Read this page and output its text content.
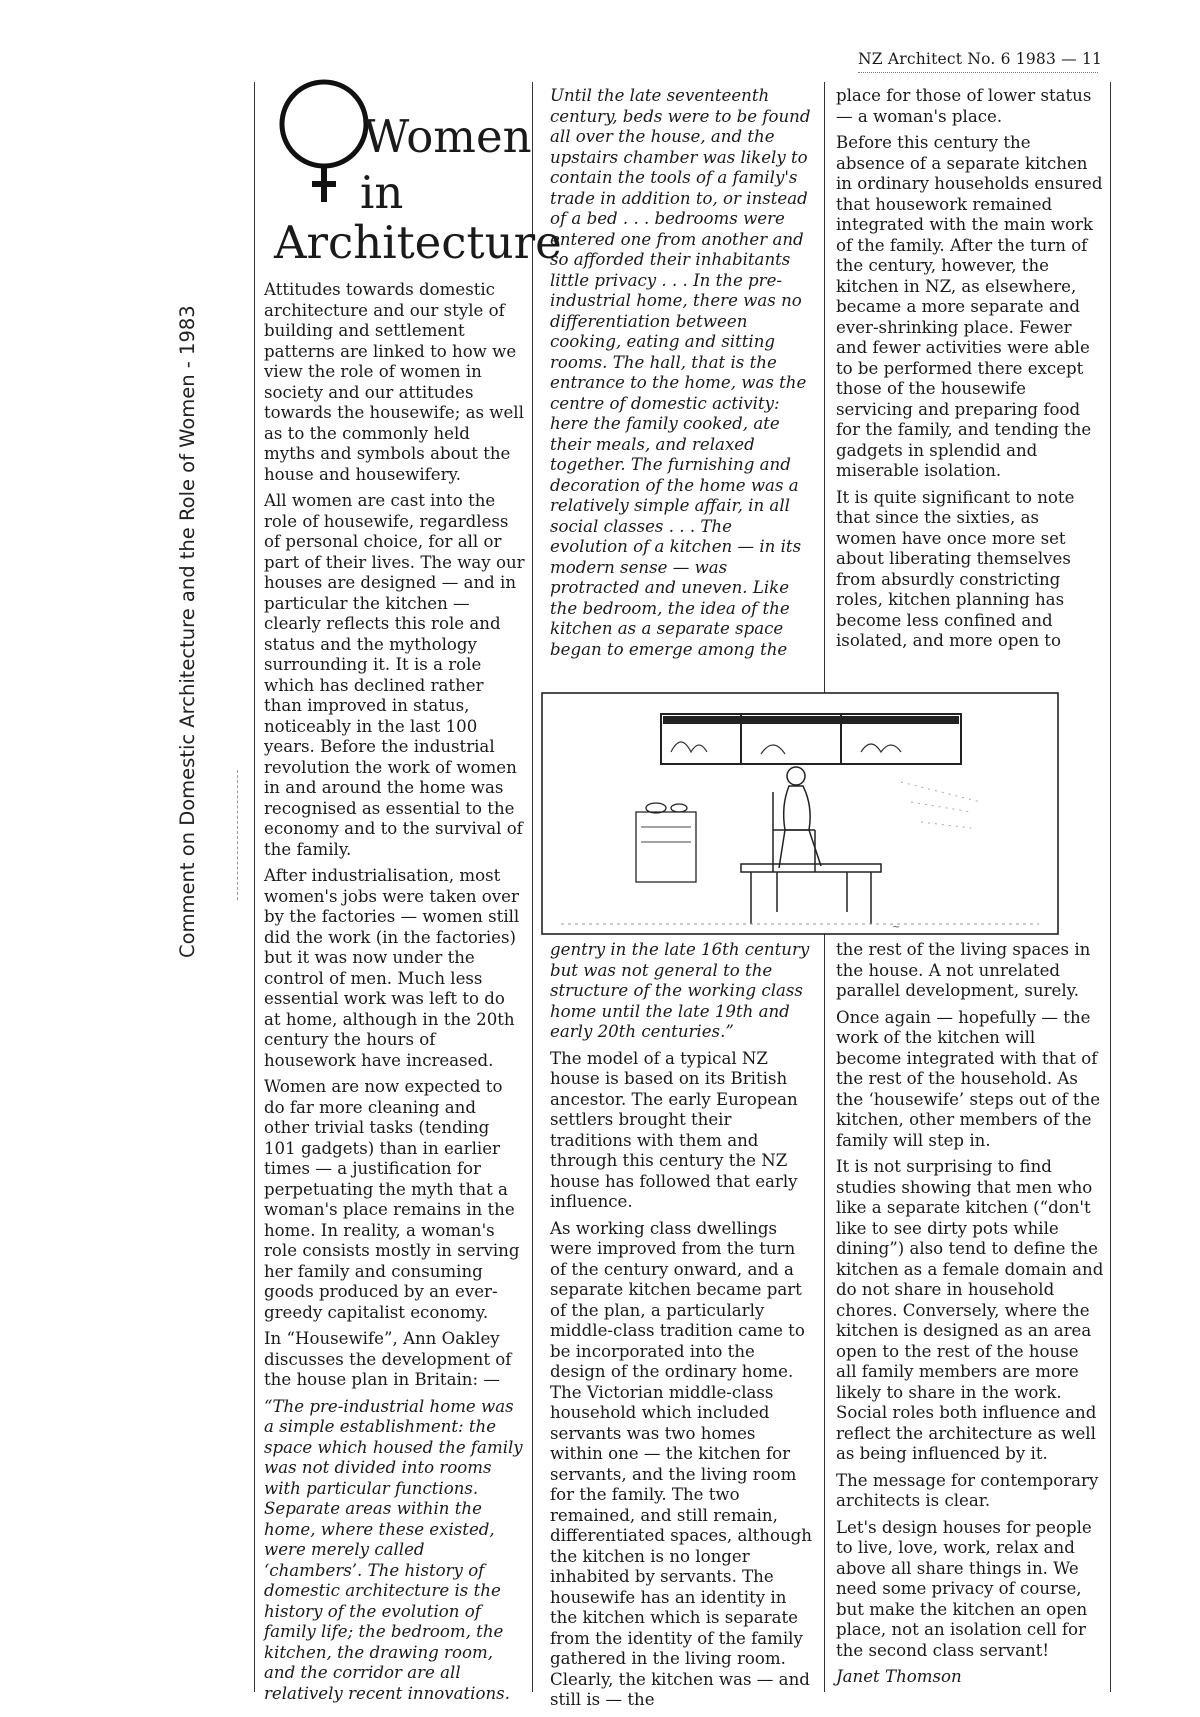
NZ Architect No. 6 1983 — 11
Comment on Domestic Architecture and the Role of Women - 1983
Women
in
Architecture

Attitudes towards domestic architecture and our style of building and settlement patterns are linked to how we view the role of women in society and our attitudes towards the housewife; as well as to the commonly held myths and symbols about the house and housewifery.

All women are cast into the role of housewife, regardless of personal choice, for all or part of their lives. The way our houses are designed — and in particular the kitchen — clearly reflects this role and status and the mythology surrounding it. It is a role which has declined rather than improved in status, noticeably in the last 100 years. Before the industrial revolution the work of women in and around the home was recognised as essential to the economy and to the survival of the family.

After industrialisation, most women's jobs were taken over by the factories — women still did the work (in the factories) but it was now under the control of men. Much less essential work was left to do at home, although in the 20th century the hours of housework have increased.

Women are now expected to do far more cleaning and other trivial tasks (tending 101 gadgets) than in earlier times — a justification for perpetuating the myth that a woman's place remains in the home. In reality, a woman's role consists mostly in serving her family and consuming goods produced by an ever-greedy capitalist economy.

In “Housewife”, Ann Oakley discusses the development of the house plan in Britain: —

“The pre-industrial home was a simple establishment: the space which housed the family was not divided into rooms with particular functions. Separate areas within the home, where these existed, were merely called ‘chambers’. The history of domestic architecture is the history of the evolution of family life; the bedroom, the kitchen, the drawing room, and the corridor are all relatively recent innovations.

Until the late seventeenth century, beds were to be found all over the house, and the upstairs chamber was likely to contain the tools of a family's trade in addition to, or instead of a bed . . . bedrooms were entered one from another and so afforded their inhabitants little privacy . . . In the pre-industrial home, there was no differentiation between cooking, eating and sitting rooms. The hall, that is the entrance to the home, was the centre of domestic activity: here the family cooked, ate their meals, and relaxed together. The furnishing and decoration of the home was a relatively simple affair, in all social classes . . . The evolution of a kitchen — in its modern sense — was protracted and uneven. Like the bedroom, the idea of the kitchen as a separate space began to emerge among the

place for those of lower status — a woman's place.

Before this century the absence of a separate kitchen in ordinary households ensured that housework remained integrated with the main work of the family. After the turn of the century, however, the kitchen in NZ, as elsewhere, became a more separate and ever-shrinking place. Fewer and fewer activities were able to be performed there except those of the housewife servicing and preparing food for the family, and tending the gadgets in splendid and miserable isolation.

It is quite significant to note that since the sixties, as women have once more set about liberating themselves from absurdly constricting roles, kitchen planning has become less confined and isolated, and more open to

~

gentry in the late 16th century but was not general to the structure of the working class home until the late 19th and early 20th centuries.”

The model of a typical NZ house is based on its British ancestor. The early European settlers brought their traditions with them and through this century the NZ house has followed that early influence.

As working class dwellings were improved from the turn of the century onward, and a separate kitchen became part of the plan, a particularly middle-class tradition came to be incorporated into the design of the ordinary home. The Victorian middle-class household which included servants was two homes within one — the kitchen for servants, and the living room for the family. The two remained, and still remain, differentiated spaces, although the kitchen is no longer inhabited by servants. The housewife has an identity in the kitchen which is separate from the identity of the family gathered in the living room. Clearly, the kitchen was — and still is — the

the rest of the living spaces in the house. A not unrelated parallel development, surely.

Once again — hopefully — the work of the kitchen will become integrated with that of the rest of the household. As the ‘housewife’ steps out of the kitchen, other members of the family will step in.

It is not surprising to find studies showing that men who like a separate kitchen (“don't like to see dirty pots while dining”) also tend to define the kitchen as a female domain and do not share in household chores. Conversely, where the kitchen is designed as an area open to the rest of the house all family members are more likely to share in the work. Social roles both influence and reflect the architecture as well as being influenced by it.

The message for contemporary architects is clear.

Let's design houses for people to live, love, work, relax and above all share things in. We need some privacy of course, but make the kitchen an open place, not an isolation cell for the second class servant!

Janet Thomson
